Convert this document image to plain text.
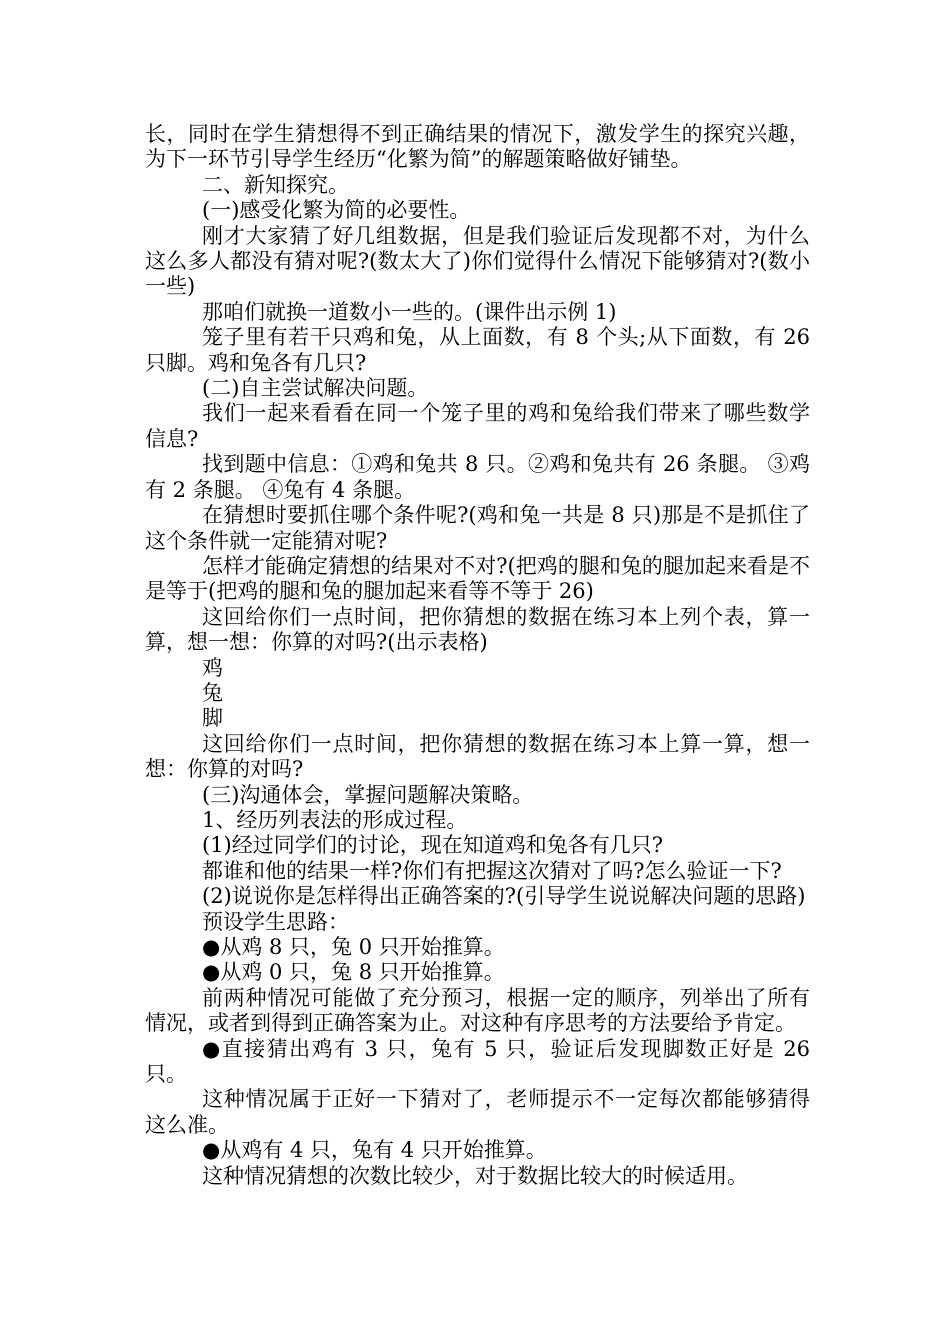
长，同时在学生猜想得不到正确结果的情况下，激发学生的探究兴趣，为下一环节引导学生经历“化繁为简”的解题策略做好铺垫。

二、新知探究。

(一)感受化繁为简的必要性。

刚才大家猜了好几组数据，但是我们验证后发现都不对，为什么这么多人都没有猜对呢?(数太大了)你们觉得什么情况下能够猜对?(数小一些)

那咱们就换一道数小一些的。(课件出示例 1)

笼子里有若干只鸡和兔，从上面数，有 8 个头;从下面数，有 26 只脚。鸡和兔各有几只?

(二)自主尝试解决问题。

我们一起来看看在同一个笼子里的鸡和兔给我们带来了哪些数学信息?

找到题中信息：①鸡和兔共 8 只。②鸡和兔共有 26 条腿。 ③鸡有 2 条腿。 ④兔有 4 条腿。

在猜想时要抓住哪个条件呢?(鸡和兔一共是 8 只)那是不是抓住了这个条件就一定能猜对呢?

怎样才能确定猜想的结果对不对?(把鸡的腿和兔的腿加起来看是不是等于(把鸡的腿和兔的腿加起来看等不等于 26)

这回给你们一点时间，把你猜想的数据在练习本上列个表，算一算，想一想：你算的对吗?(出示表格)

鸡

兔

脚

这回给你们一点时间，把你猜想的数据在练习本上算一算，想一想：你算的对吗?

(三)沟通体会，掌握问题解决策略。

1、经历列表法的形成过程。

(1)经过同学们的讨论，现在知道鸡和兔各有几只?

都谁和他的结果一样?你们有把握这次猜对了吗?怎么验证一下?

(2)说说你是怎样得出正确答案的?(引导学生说说解决问题的思路)

预设学生思路：

●从鸡 8 只，兔 0 只开始推算。

●从鸡 0 只，兔 8 只开始推算。

前两种情况可能做了充分预习，根据一定的顺序，列举出了所有情况，或者到得到正确答案为止。对这种有序思考的方法要给予肯定。

●直接猜出鸡有 3 只，兔有 5 只，验证后发现脚数正好是 26只。

这种情况属于正好一下猜对了，老师提示不一定每次都能够猜得这么准。

●从鸡有 4 只，兔有 4 只开始推算。

这种情况猜想的次数比较少，对于数据比较大的时候适用。
